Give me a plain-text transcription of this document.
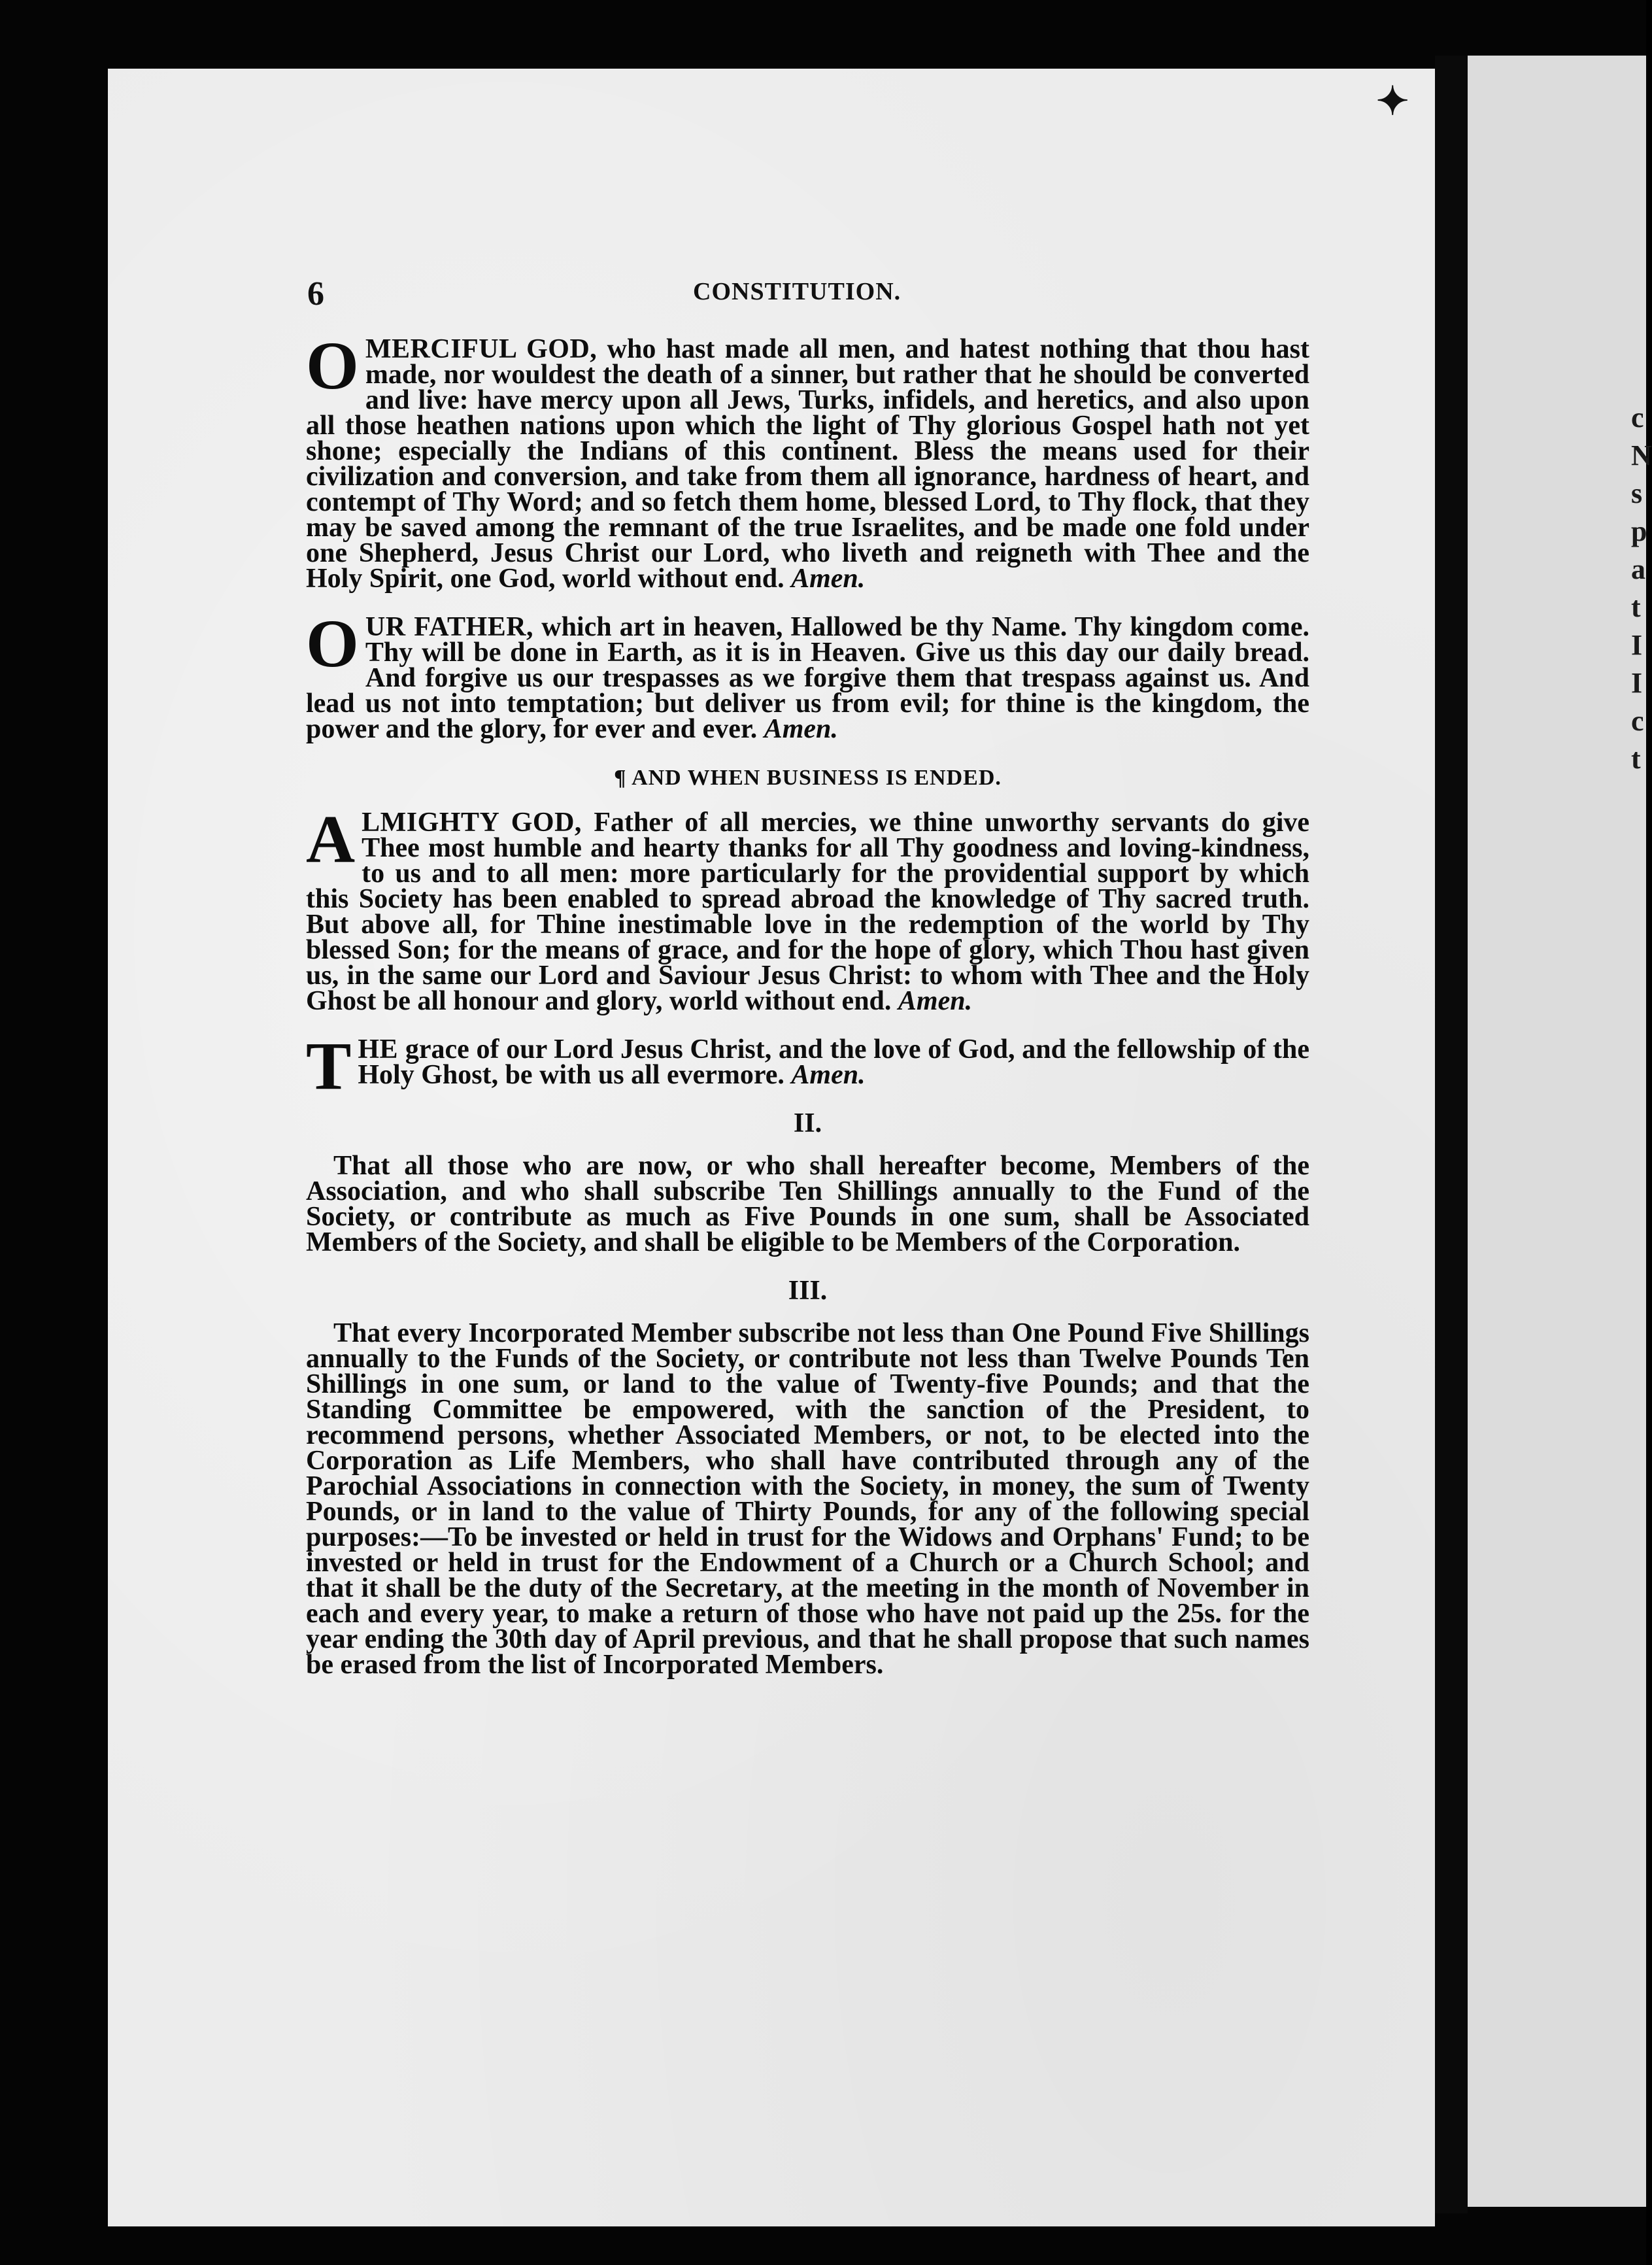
c
N
s
p
a
t
I
I
c
t
✦
6	CONSTITUTION.

OMERCIFUL GOD, who hast made all men, and hatest nothing that thou hast made, nor wouldest the death of a sinner, but rather that he should be converted and live: have mercy upon all Jews, Turks, infidels, and heretics, and also upon all those heathen nations upon which the light of Thy glorious Gospel hath not yet shone; especially the Indians of this continent. Bless the means used for their civilization and conversion, and take from them all ignorance, hardness of heart, and contempt of Thy Word; and so fetch them home, blessed Lord, to Thy flock, that they may be saved among the remnant of the true Israelites, and be made one fold under one Shepherd, Jesus Christ our Lord, who liveth and reigneth with Thee and the Holy Spirit, one God, world without end. Amen.

OUR FATHER, which art in heaven, Hallowed be thy Name. Thy kingdom come. Thy will be done in Earth, as it is in Heaven. Give us this day our daily bread. And forgive us our trespasses as we forgive them that trespass against us. And lead us not into temptation; but deliver us from evil; for thine is the kingdom, the power and the glory, for ever and ever. Amen.

¶ AND WHEN BUSINESS IS ENDED.

ALMIGHTY GOD, Father of all mercies, we thine unworthy servants do give Thee most humble and hearty thanks for all Thy goodness and loving-kindness, to us and to all men: more particularly for the providential support by which this Society has been enabled to spread abroad the knowledge of Thy sacred truth. But above all, for Thine inestimable love in the redemption of the world by Thy blessed Son; for the means of grace, and for the hope of glory, which Thou hast given us, in the same our Lord and Saviour Jesus Christ: to whom with Thee and the Holy Ghost be all honour and glory, world without end. Amen.

THE grace of our Lord Jesus Christ, and the love of God, and the fellowship of the Holy Ghost, be with us all evermore. Amen.

II.

That all those who are now, or who shall hereafter become, Members of the Association, and who shall subscribe Ten Shillings annually to the Fund of the Society, or contribute as much as Five Pounds in one sum, shall be Associated Members of the Society, and shall be eligible to be Members of the Corporation.

III.

That every Incorporated Member subscribe not less than One Pound Five Shillings annually to the Funds of the Society, or contribute not less than Twelve Pounds Ten Shillings in one sum, or land to the value of Twenty-five Pounds; and that the Standing Committee be empowered, with the sanction of the President, to recommend persons, whether Associated Members, or not, to be elected into the Corporation as Life Members, who shall have contributed through any of the Parochial Associations in connection with the Society, in money, the sum of Twenty Pounds, or in land to the value of Thirty Pounds, for any of the following special purposes:—To be invested or held in trust for the Widows and Orphans' Fund; to be invested or held in trust for the Endowment of a Church or a Church School; and that it shall be the duty of the Secretary, at the meeting in the month of November in each and every year, to make a return of those who have not paid up the 25s. for the year ending the 30th day of April previous, and that he shall propose that such names be erased from the list of Incorporated Members.
